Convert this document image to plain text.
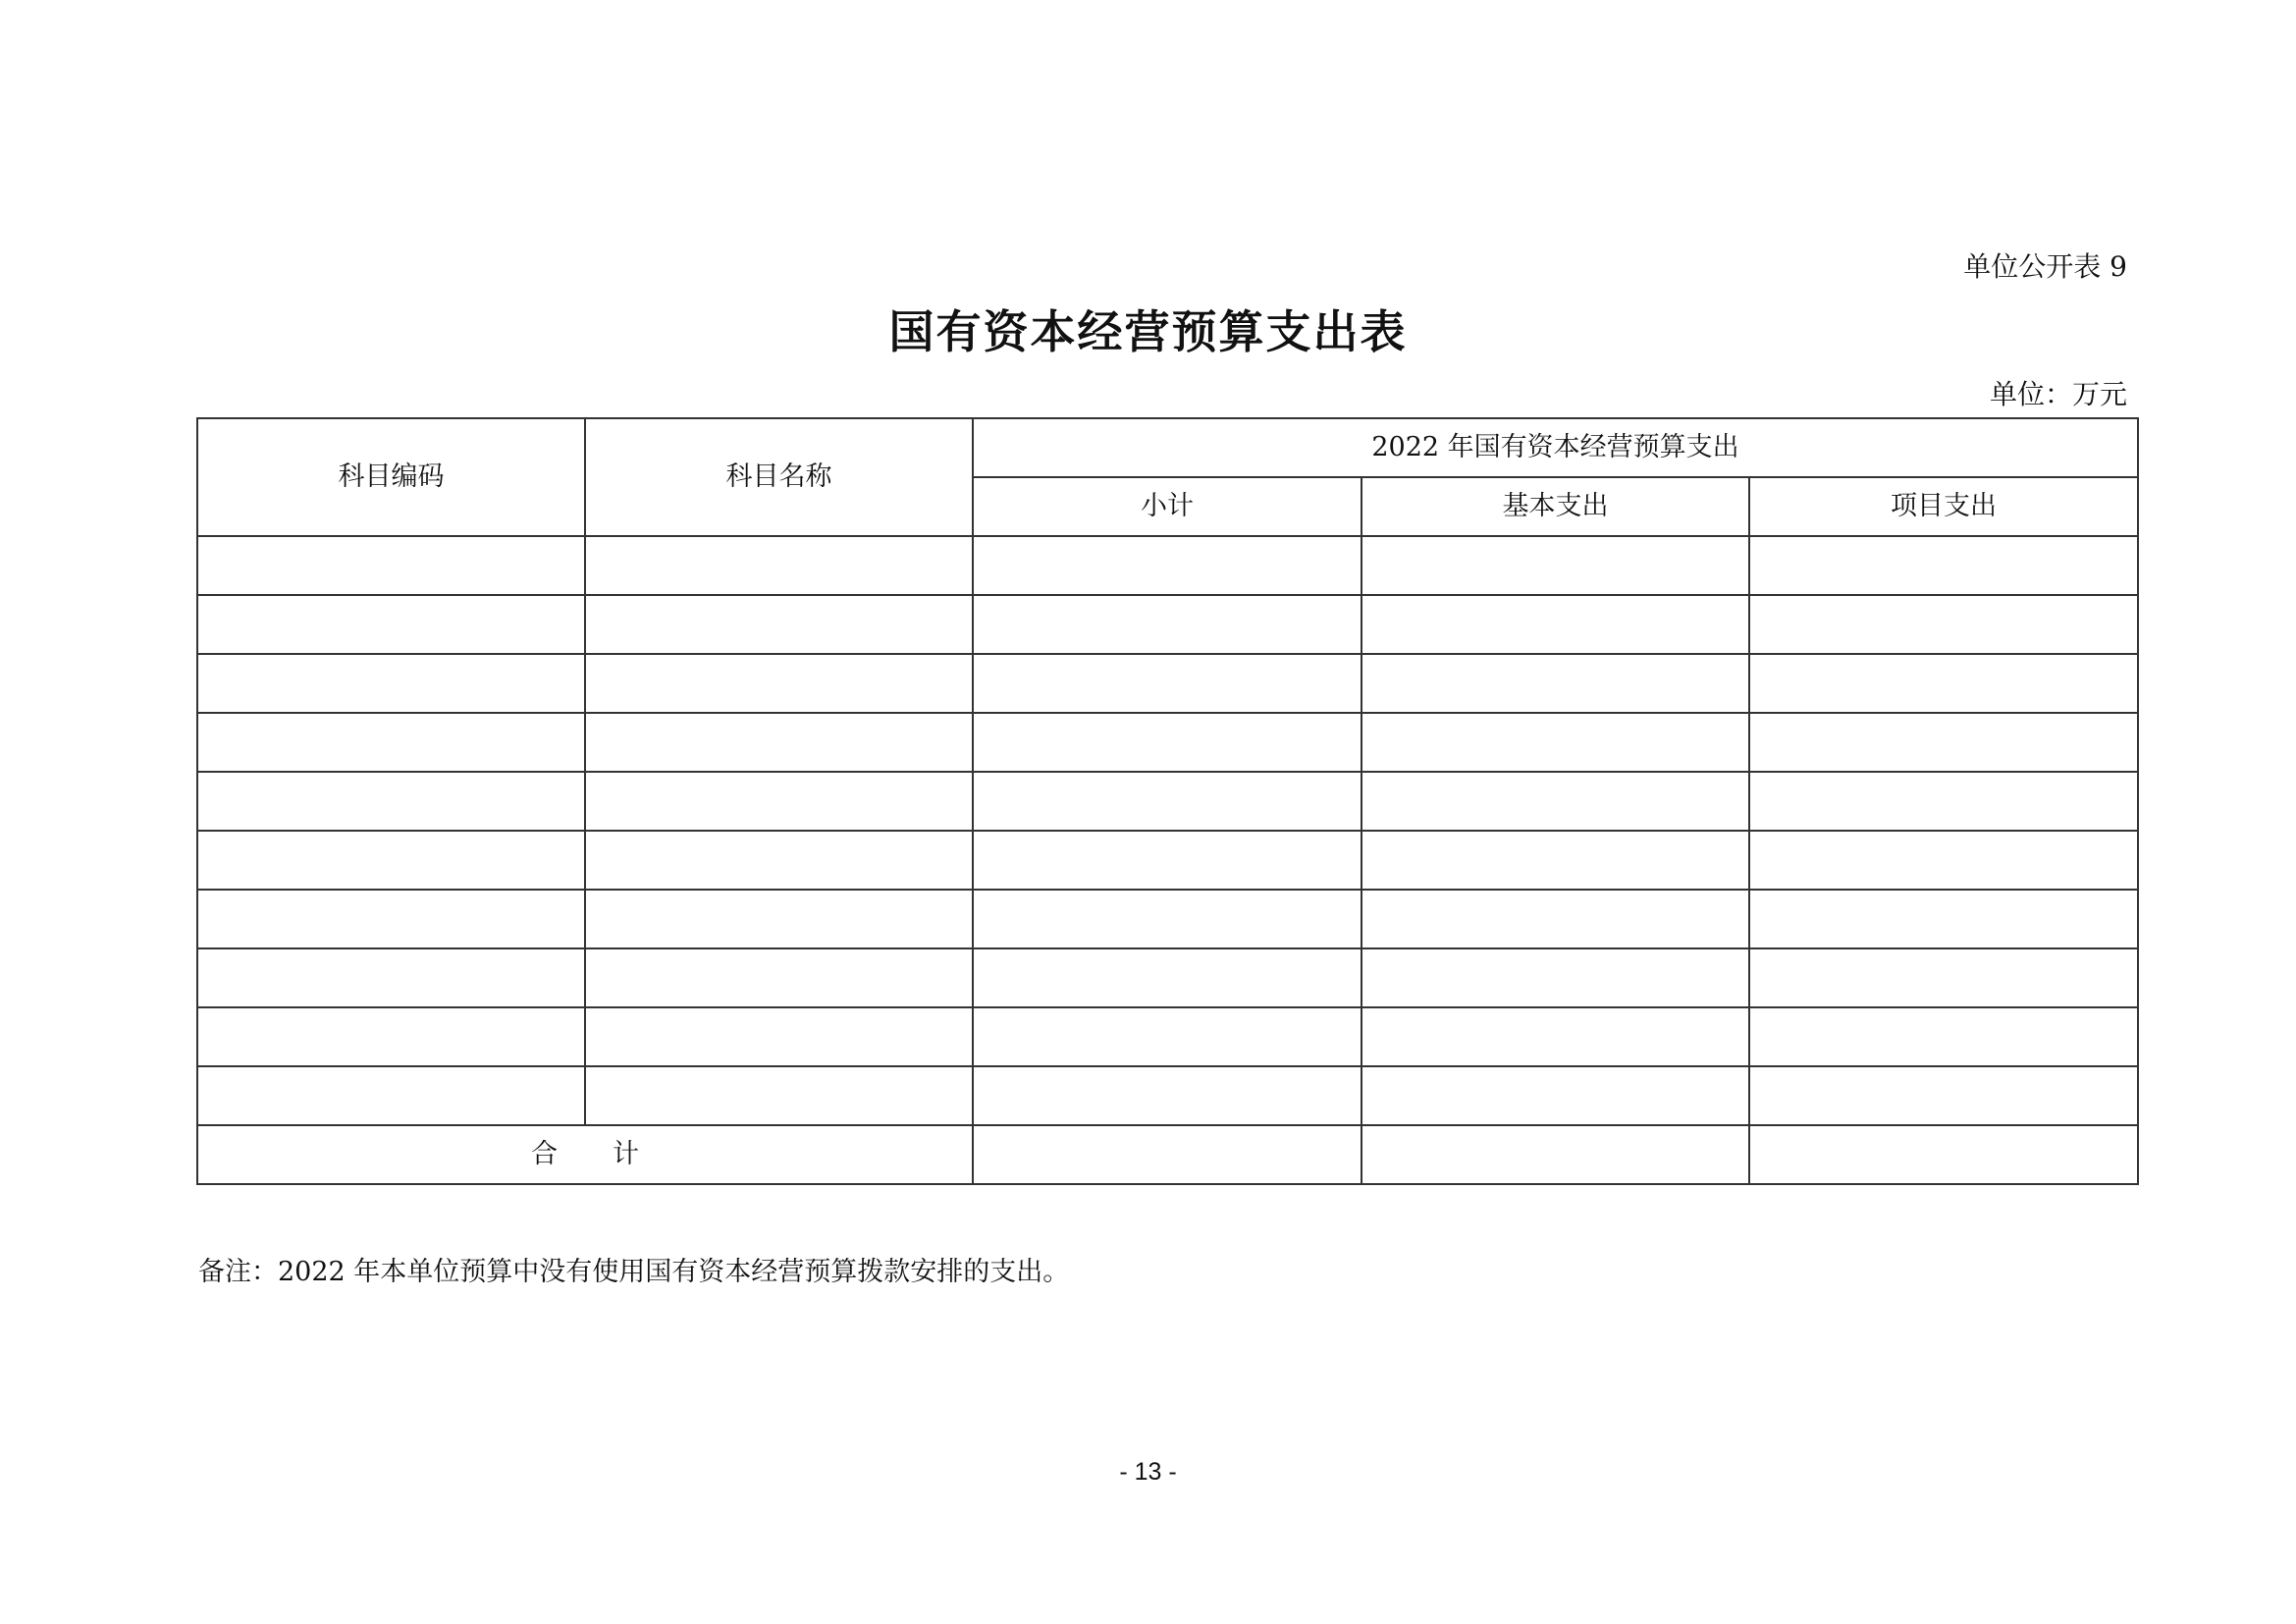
单位公开表 9
国有资本经营预算支出表
单位：万元
科目编码	科目名称	2022 年国有资本经营预算支出		
		小计	基本支出	项目支出

合计				
备注：2022 年本单位预算中没有使用国有资本经营预算拨款安排的支出。
- 13 -
